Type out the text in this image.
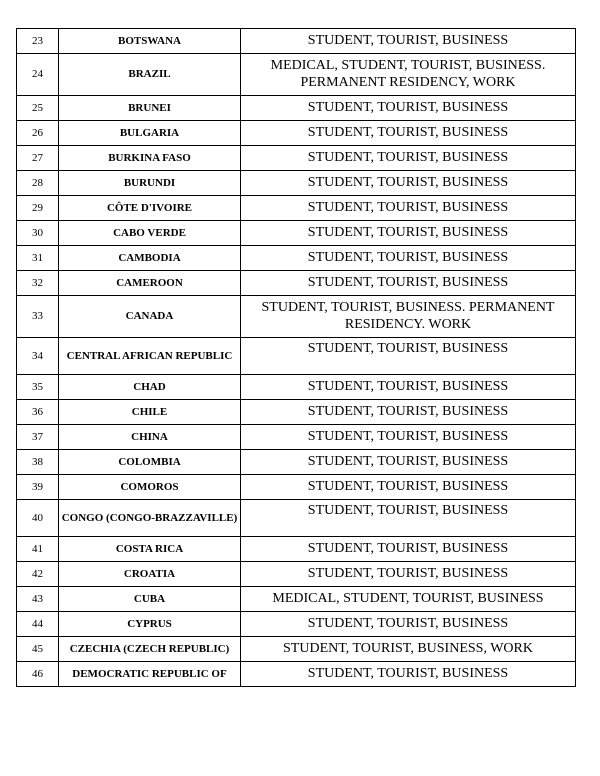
23	BOTSWANA	STUDENT, TOURIST, BUSINESS
24	BRAZIL	MEDICAL, STUDENT, TOURIST, BUSINESS. PERMANENT RESIDENCY, WORK
25	BRUNEI	STUDENT, TOURIST, BUSINESS
26	BULGARIA	STUDENT, TOURIST, BUSINESS
27	BURKINA FASO	STUDENT, TOURIST, BUSINESS
28	BURUNDI	STUDENT, TOURIST, BUSINESS
29	CÔTE D'IVOIRE	STUDENT, TOURIST, BUSINESS
30	CABO VERDE	STUDENT, TOURIST, BUSINESS
31	CAMBODIA	STUDENT, TOURIST, BUSINESS
32	CAMEROON	STUDENT, TOURIST, BUSINESS
33	CANADA	STUDENT, TOURIST, BUSINESS. PERMANENT RESIDENCY. WORK
34	CENTRAL AFRICAN REPUBLIC	STUDENT, TOURIST, BUSINESS
35	CHAD	STUDENT, TOURIST, BUSINESS
36	CHILE	STUDENT, TOURIST, BUSINESS
37	CHINA	STUDENT, TOURIST, BUSINESS
38	COLOMBIA	STUDENT, TOURIST, BUSINESS
39	COMOROS	STUDENT, TOURIST, BUSINESS
40	CONGO (CONGO-BRAZZAVILLE)	STUDENT, TOURIST, BUSINESS
41	COSTA RICA	STUDENT, TOURIST, BUSINESS
42	CROATIA	STUDENT, TOURIST, BUSINESS
43	CUBA	MEDICAL, STUDENT, TOURIST, BUSINESS
44	CYPRUS	STUDENT, TOURIST, BUSINESS
45	CZECHIA (CZECH REPUBLIC)	STUDENT, TOURIST, BUSINESS, WORK
46	DEMOCRATIC REPUBLIC OF	STUDENT, TOURIST, BUSINESS
